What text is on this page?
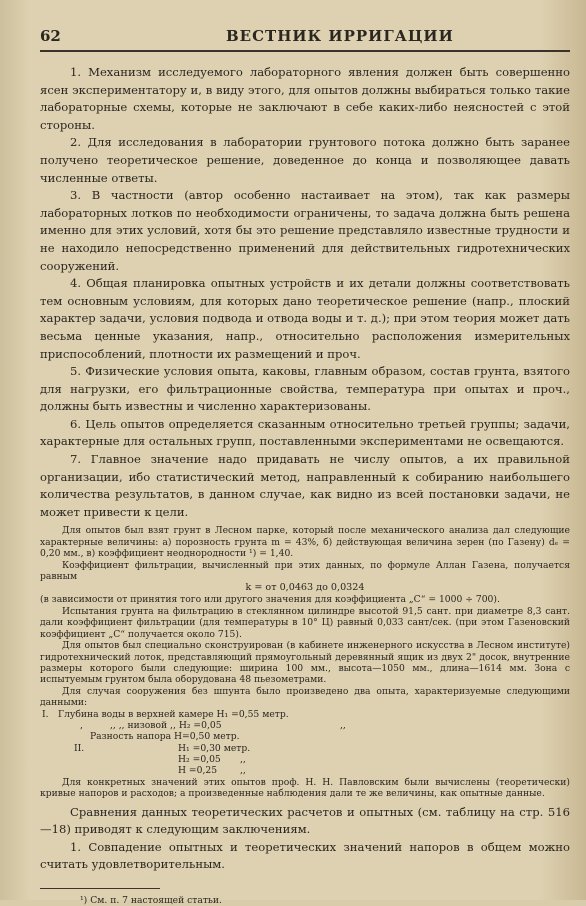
62	ВЕСТНИК ИРРИГАЦИИ

1. Механизм исследуемого лабораторного явления должен быть совершенно ясен экспериментатору и, в виду этого, для опытов должны выбираться только такие лабораторные схемы, которые не заключают в себе каких-либо неясностей с этой стороны.

2. Для исследования в лаборатории грунтового потока должно быть заранее получено теоретическое решение, доведенное до конца и позволяющее давать численные ответы.

3. В частности (автор особенно настаивает на этом), так как размеры лабораторных лотков по необходимости ограничены, то задача должна быть решена именно для этих условий, хотя бы это решение представляло известные трудности и не находило непосредственно применений для действительных гидротехнических сооружений.

4. Общая планировка опытных устройств и их детали должны соответствовать тем основным условиям, для которых дано теоретическое решение (напр., плоский характер задачи, условия подвода и отвода воды и т. д.); при этом теория может дать весьма ценные указания, напр., относительно расположения измерительных приспособлений, плотности их размещений и проч.

5. Физические условия опыта, каковы, главным образом, состав грунта, взятого для нагрузки, его фильтрационные свойства, температура при опытах и проч., должны быть известны и численно характеризованы.

6. Цель опытов определяется сказанным относительно третьей группы; задачи, характерные для остальных групп, поставленными экспериментами не освещаются.

7. Главное значение надо придавать не числу опытов, а их правильной организации, ибо статистический метод, направленный к собиранию наибольшего количества результатов, в данном случае, как видно из всей постановки задачи, не может привести к цели.

Для опытов был взят грунт в Лесном парке, который после механического анализа дал следующие характерные величины: а) порозность грунта m = 43%, б) действующая величина зерен (по Газену) dₑ = 0,20 мм., в) коэффициент неоднородности ¹) = 1,40.

Коэффициент фильтрации, вычисленный при этих данных, по формуле Аллан Газена, получается равным

k = от 0,0463 до 0,0324

(в зависимости от принятия того или другого значения для коэффициента „C“ = 1000 ÷ 700).

Испытания грунта на фильтрацию в стеклянном цилиндре высотой 91,5 сант. при диаметре 8,3 сант. дали коэффициент фильтрации (для температуры в 10° Ц) равный 0,033 сант/сек. (при этом Газеновский коэффициент „C“ получается около 715).

Для опытов был специально сконструирован (в кабинете инженерного искусства в Лесном институте) гидротехнический лоток, представляющий прямоугольный деревянный ящик из двух 2" досок, внутренние размеры которого были следующие: ширина 100 мм., высота—1050 мм., длина—1614 мм. Зона с испытуемым грунтом была оборудована 48 пьезометрами.

Для случая сооружения без шпунта было произведено два опыта, характеризуемые следующими данными:

I. Глубина воды в верхней камере H₁ =0,55 метр.
,	,, ,, низовой ,, H₂ =0,05	,,
Разность напора H=0,50 метр.
II.	H₁ =0,30 метр.
H₂ =0,05 ,,
H =0,25 ,,

Для конкретных значений этих опытов проф. Н. Н. Павловским были вычислены (теоретически) кривые напоров и расходов; а произведенные наблюдения дали те же величины, как опытные данные.

Сравнения данных теоретических расчетов и опытных (см. таблицу на стр. 516—18) приводят к следующим заключениям.

1. Совпадение опытных и теоретических значений напоров в общем можно считать удовлетворительным.

¹) См. п. 7 настоящей статьи.
